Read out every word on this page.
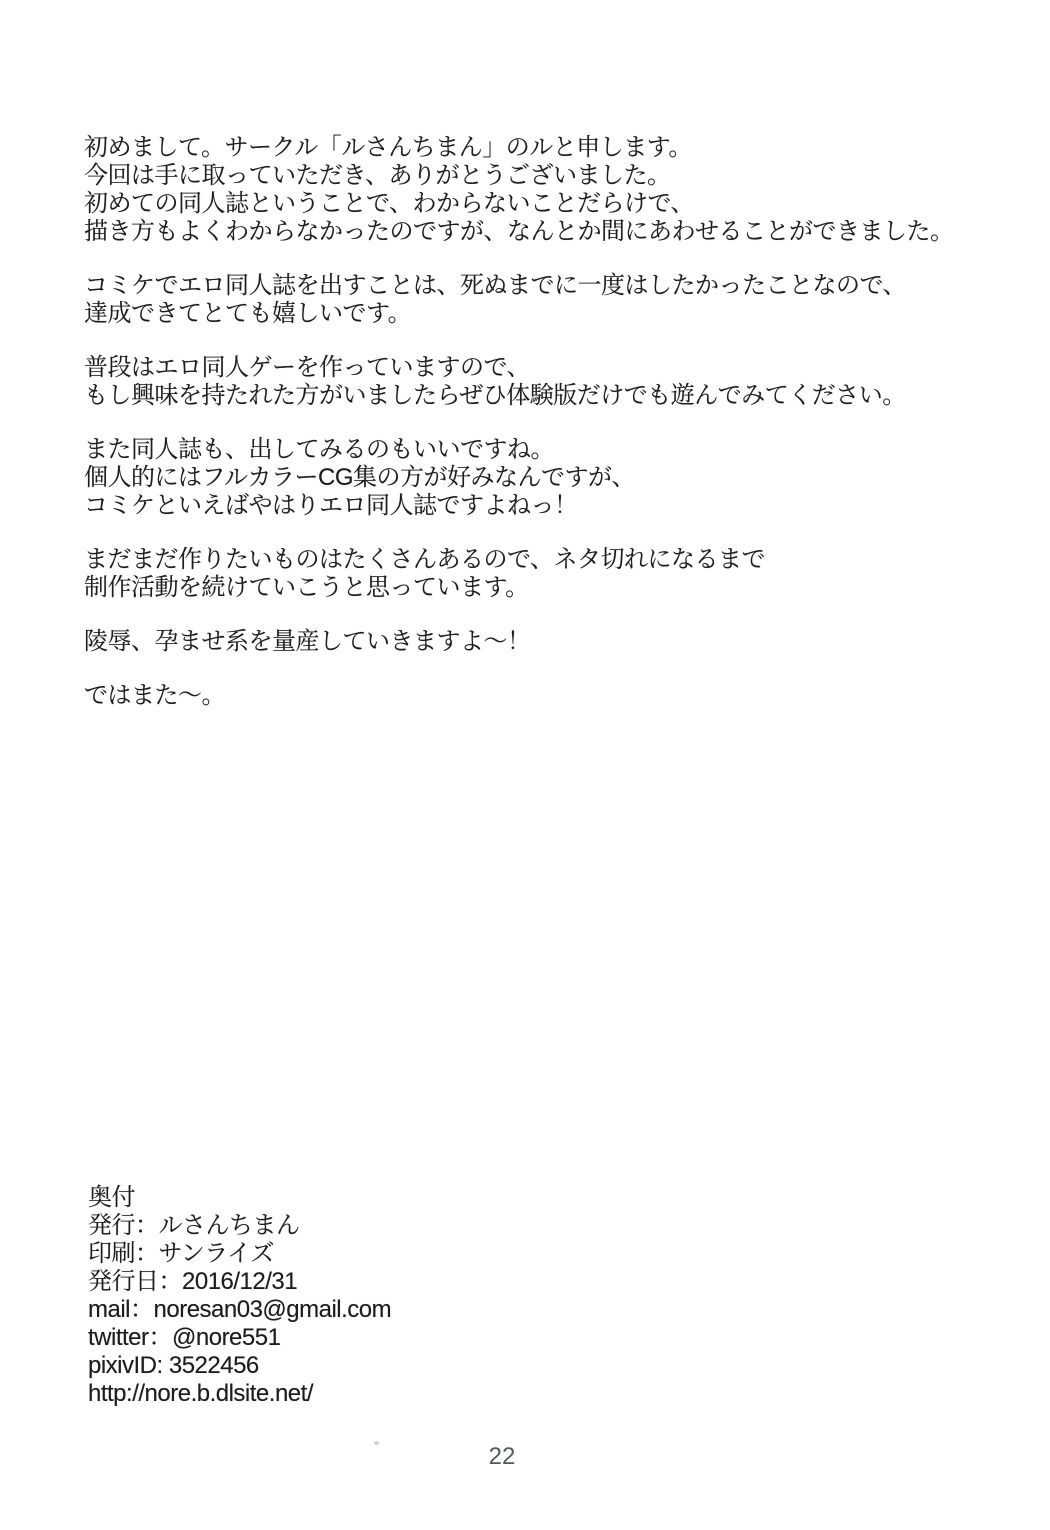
初めまして。サークル「ルさんちまん」のルと申します。
今回は手に取っていただき、ありがとうございました。
初めての同人誌ということで、わからないことだらけで、
描き方もよくわからなかったのですが、なんとか間にあわせることができました。
コミケでエロ同人誌を出すことは、死ぬまでに一度はしたかったことなので、
達成できてとても嬉しいです。
普段はエロ同人ゲーを作っていますので、
もし興味を持たれた方がいましたらぜひ体験版だけでも遊んでみてください。
また同人誌も、出してみるのもいいですね。
個人的にはフルカラーCG集の方が好みなんですが、
コミケといえばやはりエロ同人誌ですよねっ！
まだまだ作りたいものはたくさんあるので、ネタ切れになるまで
制作活動を続けていこうと思っています。
陵辱、孕ませ系を量産していきますよ～！
ではまた～。
奥付
発行：ルさんちまん
印刷：サンライズ
発行日：2016/12/31
mail：noresan03@gmail.com
twitter：@nore551
pixivID: 3522456
http://nore.b.dlsite.net/
22
